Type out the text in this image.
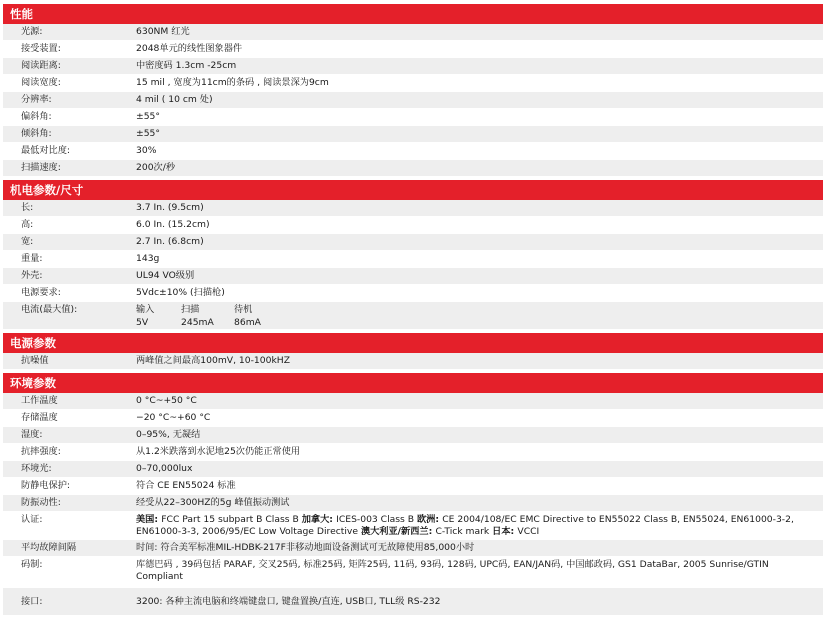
性能
光源:	630NM 红光
接受装置:	2048单元的线性图象器件
阅读距离:	中密度码 1.3cm -25cm
阅读宽度:	15 mil , 宽度为11cm的条码 , 阅读景深为9cm
分辨率:	4 mil ( 10 cm 处)
偏斜角:	±55°
倾斜角:	±55°
最低对比度:	30%
扫描速度:	200次/秒
机电参数/尺寸
长:	3.7 In. (9.5cm)
高:	6.0 In. (15.2cm)
宽:	2.7 In. (6.8cm)
重量:	143g
外壳:	UL94 VO级别
电源要求:	5Vdc±10% (扫描枪)
电流(最大值):	输入	扫描	待机
5V	245mA	86mA
电源参数
抗噪值	两峰值之间最高100mV, 10-100kHZ
环境参数
工作温度	0 °C~+50 °C
存储温度	−20 °C~+60 °C
湿度:	0–95%, 无凝结
抗摔强度:	从1.2米跌落到水泥地25次仍能正常使用
环境光:	0–70,000lux
防静电保护:	符合 CE EN55024 标准
防振动性:	经受从22–300HZ的5g 峰值振动测试
认证:	美国: FCC Part 15 subpart B Class B 加拿大: ICES-003 Class B 欧洲: CE 2004/108/EC EMC Directive to EN55022 Class B, EN55024, EN61000-3-2, EN61000-3-3, 2006/95/EC Low Voltage Directive 澳大利亚/新西兰: C-Tick mark 日本: VCCI
平均故障间隔	时间: 符合美军标准MIL-HDBK-217F非移动地面设备测试可无故障使用85,000小时
码制:	库德巴码 , 39码包括 PARAF, 交叉25码, 标准25码, 矩阵25码, 11码, 93码, 128码, UPC码, EAN/JAN码, 中国邮政码, GS1 DataBar, 2005 Sunrise/GTIN Compliant
接口:	3200: 各种主流电脑和终端键盘口, 键盘置换/直连, USB口, TLL级 RS-232
